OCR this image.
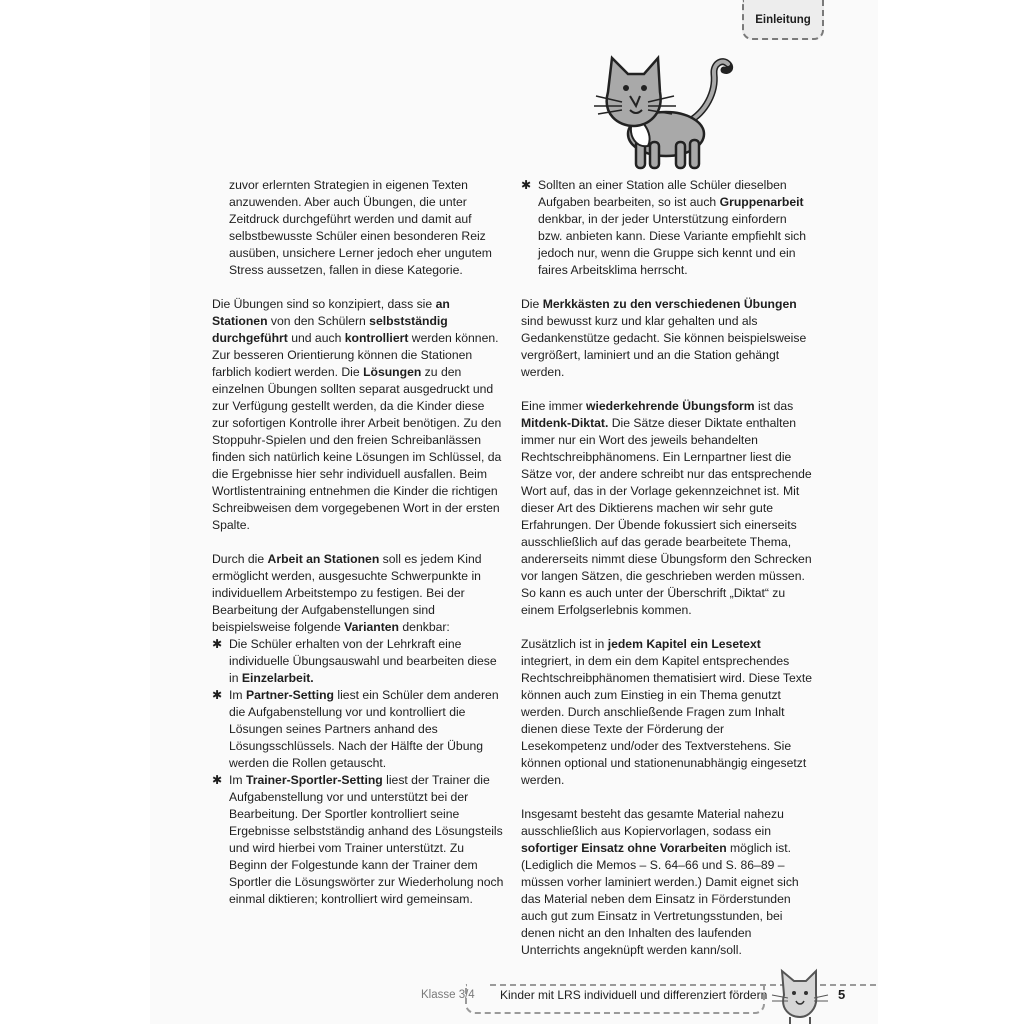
Einleitung

zuvor erlernten Strategien in eigenen Texten anzuwenden. Aber auch Übungen, die unter Zeitdruck durchgeführt werden und damit auf selbstbewusste Schüler einen besonderen Reiz ausüben, unsichere Lerner jedoch eher ungutem Stress aussetzen, fallen in diese Kategorie.

Die Übungen sind so konzipiert, dass sie an Stationen von den Schülern selbstständig durchgeführt und auch kontrolliert werden können. Zur besseren Orientierung können die Stationen farblich kodiert werden. Die Lösungen zu den einzelnen Übungen sollten separat ausgedruckt und zur Verfügung gestellt werden, da die Kinder diese zur sofortigen Kontrolle ihrer Arbeit benötigen. Zu den Stoppuhr-Spielen und den freien Schreibanlässen finden sich natürlich keine Lösungen im Schlüssel, da die Ergebnisse hier sehr individuell ausfallen. Beim Wortlistentraining entnehmen die Kinder die richtigen Schreibweisen dem vorgegebenen Wort in der ersten Spalte.

Durch die Arbeit an Stationen soll es jedem Kind ermöglicht werden, ausgesuchte Schwerpunkte in individuellem Arbeitstempo zu festigen. Bei der Bearbeitung der Aufgabenstellungen sind beispielsweise folgende Varianten denkbar:

✱ Die Schüler erhalten von der Lehrkraft eine individuelle Übungsauswahl und bearbeiten diese in Einzelarbeit.
✱ Im Partner-Setting liest ein Schüler dem anderen die Aufgabenstellung vor und kontrolliert die Lösungen seines Partners anhand des Lösungsschlüssels. Nach der Hälfte der Übung werden die Rollen getauscht.
✱ Im Trainer-Sportler-Setting liest der Trainer die Aufgabenstellung vor und unterstützt bei der Bearbeitung. Der Sportler kontrolliert seine Ergebnisse selbstständig anhand des Lösungsteils und wird hierbei vom Trainer unterstützt. Zu Beginn der Folgestunde kann der Trainer dem Sportler die Lösungswörter zur Wiederholung noch einmal diktieren; kontrolliert wird gemeinsam.
✱ Sollten an einer Station alle Schüler dieselben Aufgaben bearbeiten, so ist auch Gruppenarbeit denkbar, in der jeder Unterstützung einfordern bzw. anbieten kann. Diese Variante empfiehlt sich jedoch nur, wenn die Gruppe sich kennt und ein faires Arbeitsklima herrscht.

Die Merkkästen zu den verschiedenen Übungen sind bewusst kurz und klar gehalten und als Gedankenstütze gedacht. Sie können beispielsweise vergrößert, laminiert und an die Station gehängt werden.

Eine immer wiederkehrende Übungsform ist das Mitdenk-Diktat. Die Sätze dieser Diktate enthalten immer nur ein Wort des jeweils behandelten Rechtschreibphänomens. Ein Lernpartner liest die Sätze vor, der andere schreibt nur das entsprechende Wort auf, das in der Vorlage gekennzeichnet ist. Mit dieser Art des Diktierens machen wir sehr gute Erfahrungen. Der Übende fokussiert sich einerseits ausschließlich auf das gerade bearbeitete Thema, andererseits nimmt diese Übungsform den Schrecken vor langen Sätzen, die geschrieben werden müssen. So kann es auch unter der Überschrift „Diktat“ zu einem Erfolgserlebnis kommen.

Zusätzlich ist in jedem Kapitel ein Lesetext integriert, in dem ein dem Kapitel entsprechendes Rechtschreibphänomen thematisiert wird. Diese Texte können auch zum Einstieg in ein Thema genutzt werden. Durch anschließende Fragen zum Inhalt dienen diese Texte der Förderung der Lesekompetenz und/oder des Textverstehens. Sie können optional und stationenunabhängig eingesetzt werden.

Insgesamt besteht das gesamte Material nahezu ausschließlich aus Kopiervorlagen, sodass ein sofortiger Einsatz ohne Vorarbeiten möglich ist. (Lediglich die Memos – S. 64–66 und S. 86–89 – müssen vorher laminiert werden.) Damit eignet sich das Material neben dem Einsatz in Förderstunden auch gut zum Einsatz in Vertretungsstunden, bei denen nicht an den Inhalten des laufenden Unterrichts angeknüpft werden kann/soll.

Klasse 3/4 Kinder mit LRS individuell und differenziert fördern	5
